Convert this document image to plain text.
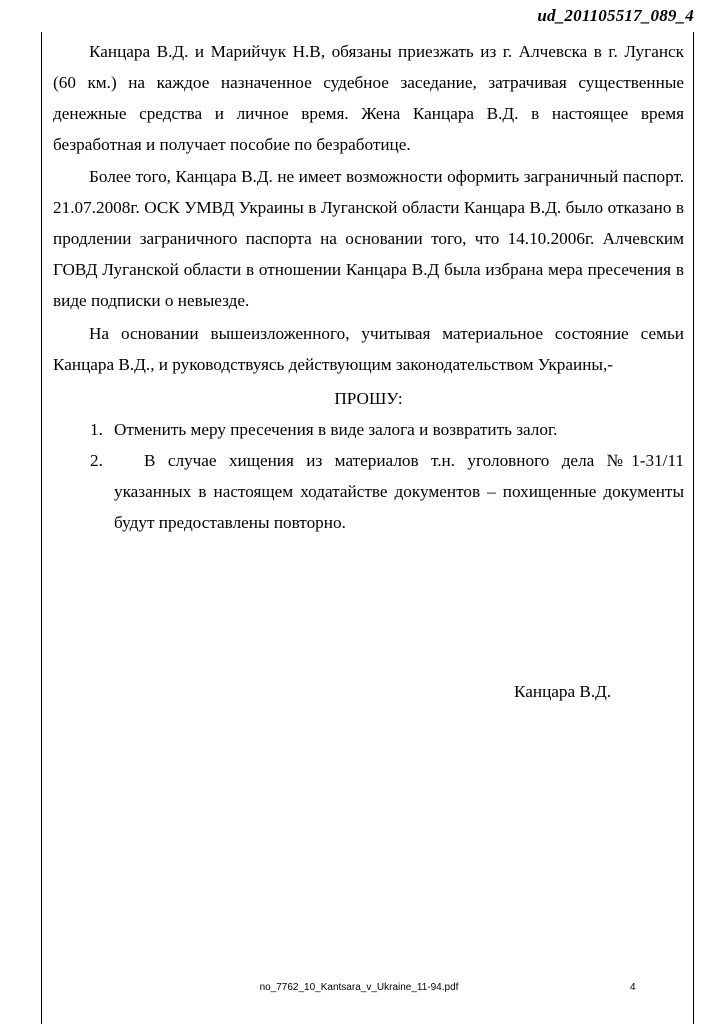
ud_201105517_089_4

Канцара В.Д. и Марийчук Н.В, обязаны приезжать из г. Алчевска в г. Луганск (60 км.) на каждое назначенное судебное заседание, затрачивая существенные денежные средства и личное время. Жена Канцара В.Д. в настоящее время безработная и получает пособие по безработице.

Более того, Канцара В.Д. не имеет возможности оформить заграничный паспорт. 21.07.2008г. ОСК УМВД Украины в Луганской области Канцара В.Д. было отказано в продлении заграничного паспорта на основании того, что 14.10.2006г. Алчевским ГОВД Луганской области в отношении Канцара В.Д была избрана мера пресечения в виде подписки о невыезде.

На основании вышеизложенного, учитывая материальное состояние семьи Канцара В.Д., и руководствуясь действующим законодательством Украины,-

ПРОШУ:
1. Отменить меру пресечения в виде залога и возвратить залог.
2.	В случае хищения из материалов т.н. уголовного дела №1-31/11 указанных в настоящем ходатайстве документов – похищенные документы будут предоставлены повторно.
Канцара В.Д.
no_7762_10_Kantsara_v_Ukraine_11-94.pdf	4
